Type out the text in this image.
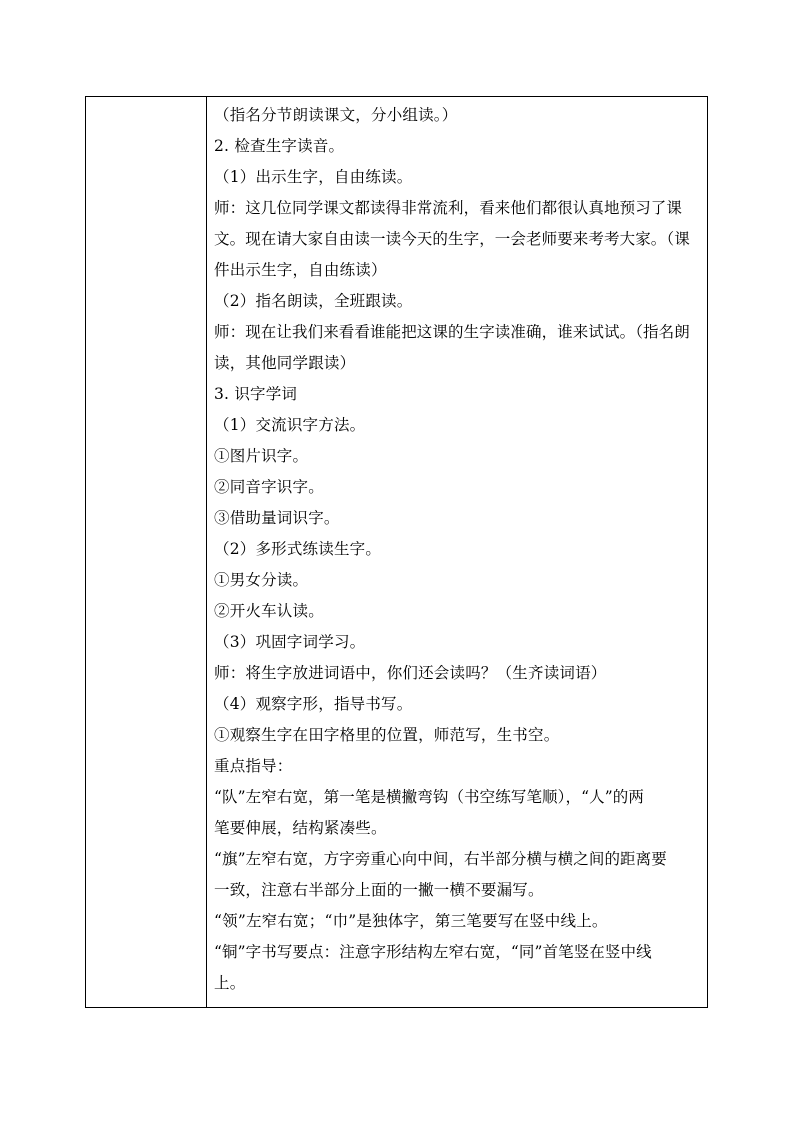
（指名分节朗读课文，分小组读。）
2. 检查生字读音。
（1）出示生字，自由练读。
师：这几位同学课文都读得非常流利，看来他们都很认真地预习了课
文。现在请大家自由读一读今天的生字，一会老师要来考考大家。（课
件出示生字，自由练读）
（2）指名朗读，全班跟读。
师：现在让我们来看看谁能把这课的生字读准确，谁来试试。（指名朗
读，其他同学跟读）
3. 识字学词
（1）交流识字方法。
①图片识字。
②同音字识字。
③借助量词识字。
（2）多形式练读生字。
①男女分读。
②开火车认读。
（3）巩固字词学习。
师：将生字放进词语中，你们还会读吗？（生齐读词语）
（4）观察字形，指导书写。
①观察生字在田字格里的位置，师范写，生书空。
重点指导：
“队”左窄右宽，第一笔是横撇弯钩（书空练写笔顺），“人”的两
笔要伸展，结构紧凑些。
“旗”左窄右宽，方字旁重心向中间，右半部分横与横之间的距离要
一致，注意右半部分上面的一撇一横不要漏写。
“领”左窄右宽；“巾”是独体字，第三笔要写在竖中线上。
“铜”字书写要点：注意字形结构左窄右宽，“同”首笔竖在竖中线
上。
